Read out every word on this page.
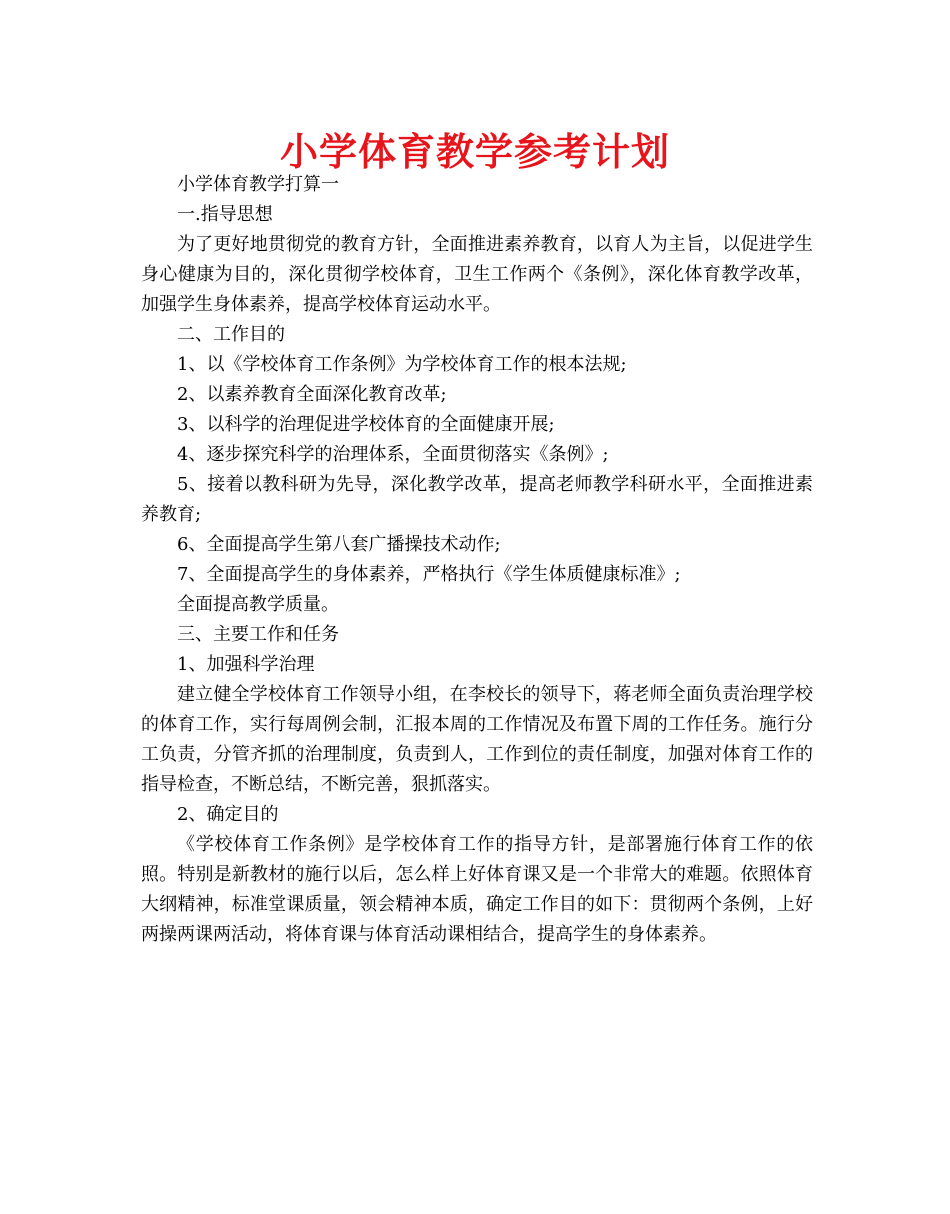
小学体育教学参考计划

小学体育教学打算一

一.指导思想

为了更好地贯彻党的教育方针，全面推进素养教育，以育人为主旨，以促进学生身心健康为目的，深化贯彻学校体育，卫生工作两个《条例》，深化体育教学改革，加强学生身体素养，提高学校体育运动水平。

二、工作目的

1、以《学校体育工作条例》为学校体育工作的根本法规;

2、以素养教育全面深化教育改革;

3、以科学的治理促进学校体育的全面健康开展;

4、逐步探究科学的治理体系，全面贯彻落实《条例》;

5、接着以教科研为先导，深化教学改革，提高老师教学科研水平，全面推进素养教育;

6、全面提高学生第八套广播操技术动作;

7、全面提高学生的身体素养，严格执行《学生体质健康标准》;

全面提高教学质量。

三、主要工作和任务

1、加强科学治理

建立健全学校体育工作领导小组，在李校长的领导下，蒋老师全面负责治理学校的体育工作，实行每周例会制，汇报本周的工作情况及布置下周的工作任务。施行分工负责，分管齐抓的治理制度，负责到人，工作到位的责任制度，加强对体育工作的指导检查，不断总结，不断完善，狠抓落实。

2、确定目的

《学校体育工作条例》是学校体育工作的指导方针，是部署施行体育工作的依照。特别是新教材的施行以后，怎么样上好体育课又是一个非常大的难题。依照体育大纲精神，标准堂课质量，领会精神本质，确定工作目的如下：贯彻两个条例，上好两操两课两活动，将体育课与体育活动课相结合，提高学生的身体素养。
